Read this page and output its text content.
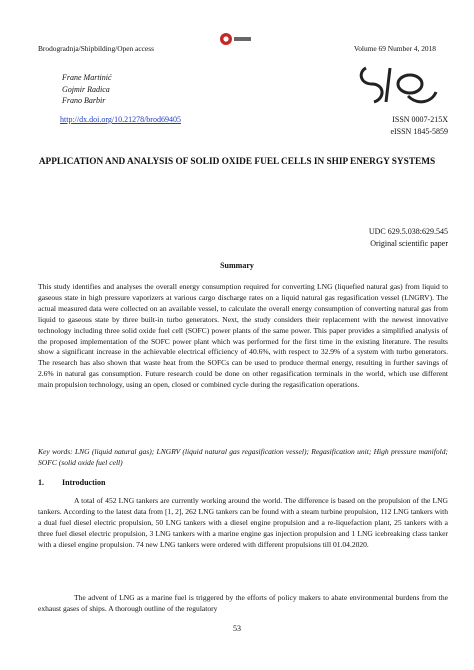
Brodogradnja/Shipbilding/Open access	Volume 69 Number 4, 2018
Frane Martinić
Gojmir Radica
Frano Barbir
http://dx.doi.org/10.21278/brod69405	ISSN 0007-215X
eISSN 1845-5859
APPLICATION AND ANALYSIS OF SOLID OXIDE FUEL CELLS IN SHIP ENERGY SYSTEMS
UDC 629.5.038:629.545
Original scientific paper
Summary
This study identifies and analyses the overall energy consumption required for converting LNG (liquefied natural gas) from liquid to gaseous state in high pressure vaporizers at various cargo discharge rates on a liquid natural gas regasification vessel (LNGRV). The actual measured data were collected on an available vessel, to calculate the overall energy consumption of converting natural gas from liquid to gaseous state by three built-in turbo generators. Next, the study considers their replacement with the newest innovative technology including three solid oxide fuel cell (SOFC) power plants of the same power. This paper provides a simplified analysis of the proposed implementation of the SOFC power plant which was performed for the first time in the existing literature. The results show a significant increase in the achievable electrical efficiency of 40.6%, with respect to 32.9% of a system with turbo generators. The research has also shown that waste heat from the SOFCs can be used to produce thermal energy, resulting in further savings of 2.6% in natural gas consumption. Future research could be done on other regasification terminals in the world, which use different main propulsion technology, using an open, closed or combined cycle during the regasification operations.
Key words: LNG (liquid natural gas); LNGRV (liquid natural gas regasification vessel); Regasification unit; High pressure manifold; SOFC (solid oxide fuel cell)
1. Introduction
A total of 452 LNG tankers are currently working around the world. The difference is based on the propulsion of the LNG tankers. According to the latest data from [1, 2], 262 LNG tankers can be found with a steam turbine propulsion, 112 LNG tankers with a dual fuel diesel electric propulsion, 50 LNG tankers with a diesel engine propulsion and a re-liquefaction plant, 25 tankers with a three fuel diesel electric propulsion, 3 LNG tankers with a marine engine gas injection propulsion and 1 LNG icebreaking class tanker with a diesel engine propulsion. 74 new LNG tankers were ordered with different propulsions till 01.04.2020.
The advent of LNG as a marine fuel is triggered by the efforts of policy makers to abate environmental burdens from the exhaust gases of ships. A thorough outline of the regulatory
53
